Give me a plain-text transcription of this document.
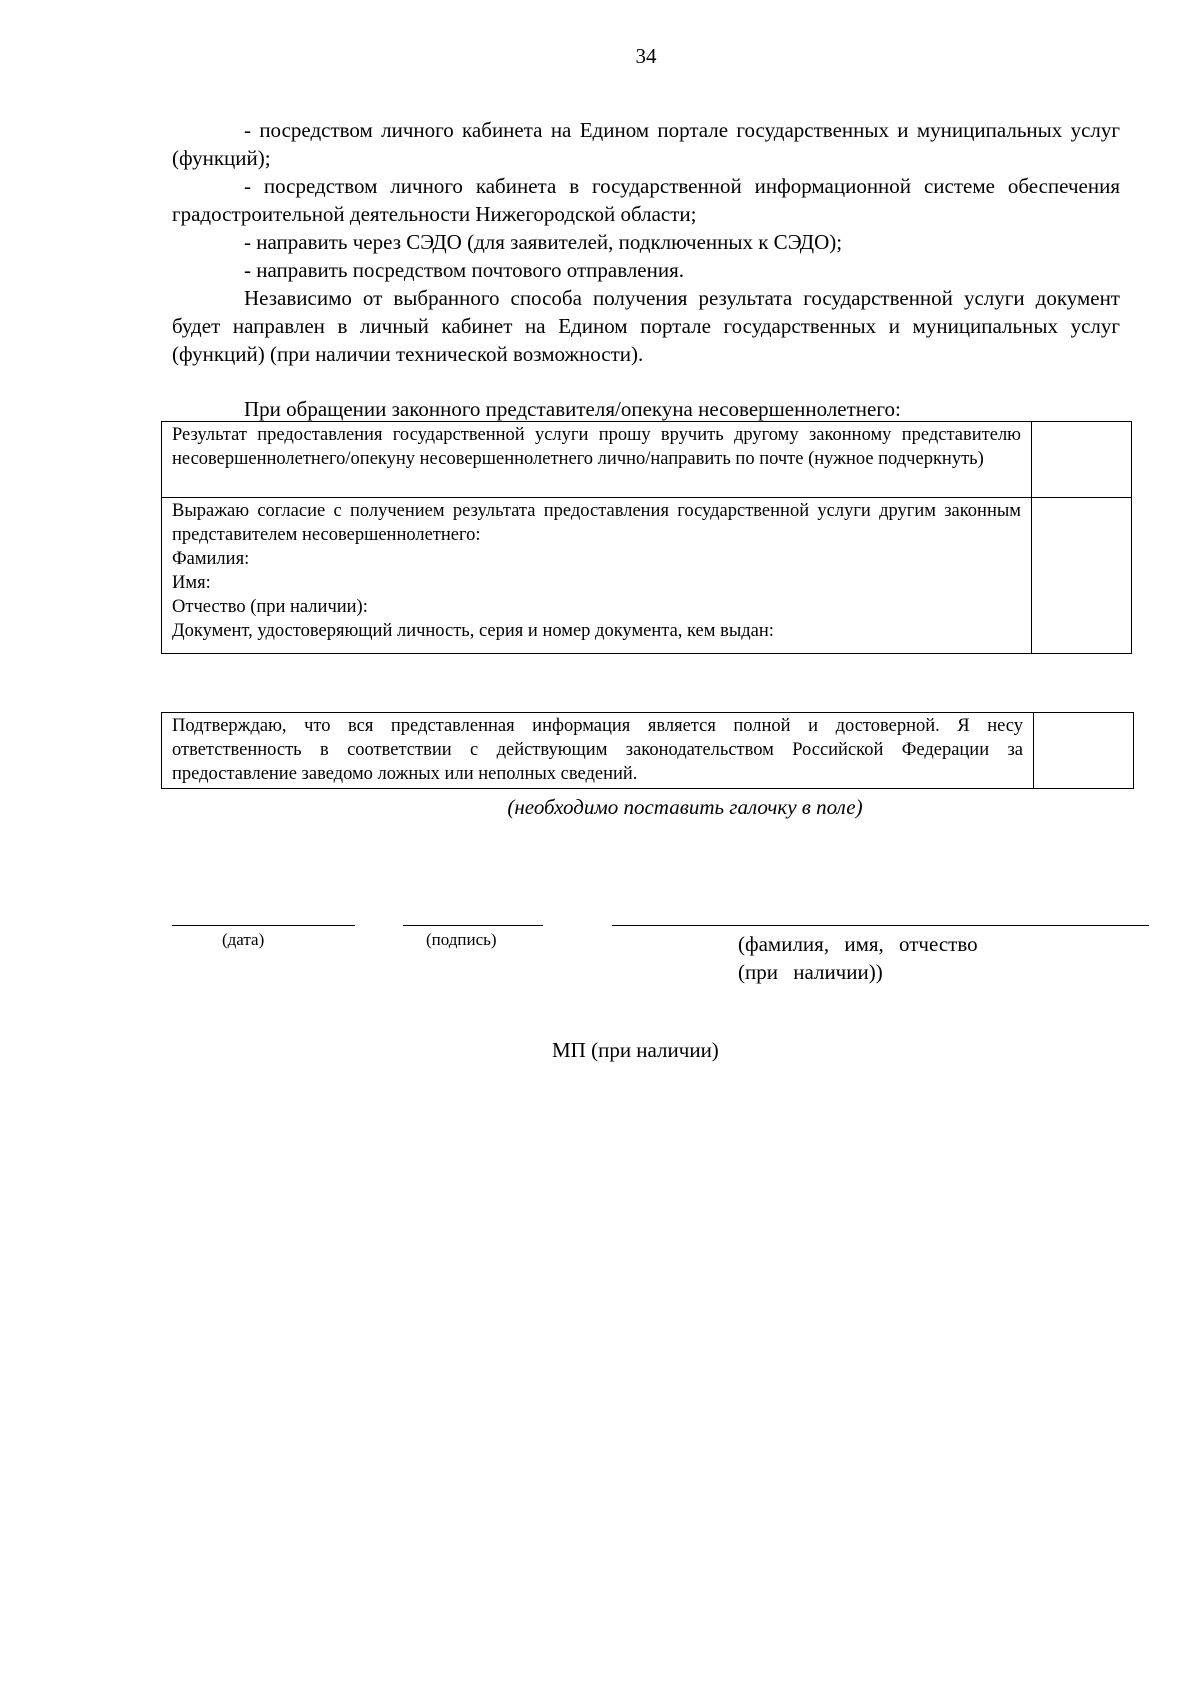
34
- посредством личного кабинета на Едином портале государственных и муниципальных услуг (функций);
- посредством личного кабинета в государственной информационной системе обеспечения градостроительной деятельности Нижегородской области;
- направить через СЭДО (для заявителей, подключенных к СЭДО);
- направить посредством почтового отправления.
Независимо от выбранного способа получения результата государственной услуги документ будет направлен в личный кабинет на Едином портале государственных и муниципальных услуг (функций) (при наличии технической возможности).
При обращении законного представителя/опекуна несовершеннолетнего:
Результат предоставления государственной услуги прошу вручить другому законному представителю несовершеннолетнего/опекуну несовершеннолетнего лично/направить по почте (нужное подчеркнуть)	

Выражаю согласие с получением результата предоставления государственной услуги другим законным представителем несовершеннолетнего:
Фамилия:
Имя:
Отчество (при наличии):
Документ, удостоверяющий личность, серия и номер документа, кем выдан:	

Подтверждаю, что вся представленная информация является полной и достоверной. Я несу ответственность в соответствии с действующим законодательством Российской Федерации за предоставление заведомо ложных или неполных сведений.	
(необходимо поставить галочку в поле)
(дата)	(подпись)	(фамилия, имя, отчество
(при наличии))
МП (при наличии)
